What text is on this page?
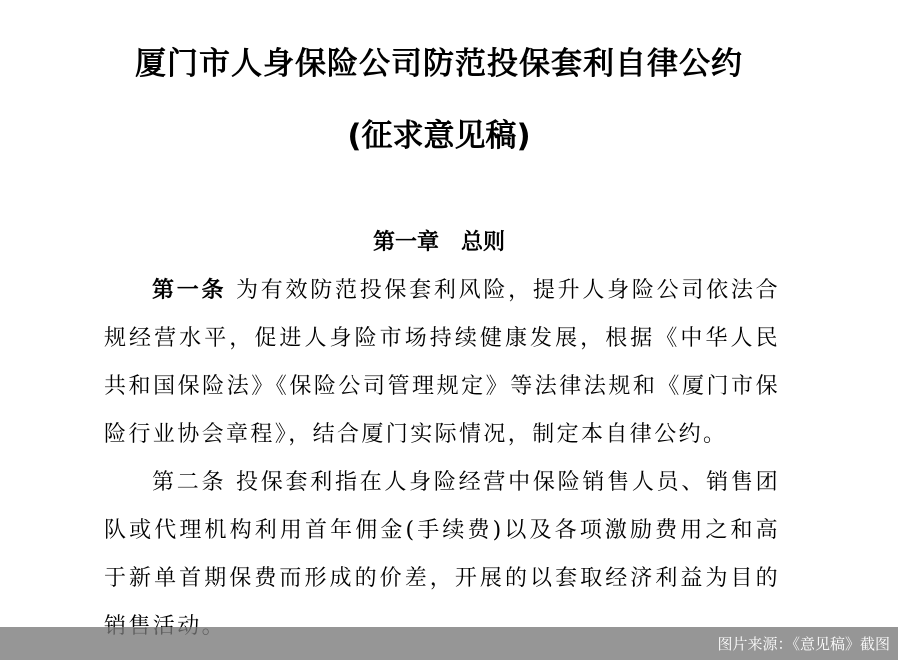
厦门市人身保险公司防范投保套利自律公约
(征求意见稿)
第一章　总则

第一条 为有效防范投保套利风险，提升人身险公司依法合规经营水平，促进人身险市场持续健康发展，根据《中华人民共和国保险法》《保险公司管理规定》等法律法规和《厦门市保险行业协会章程》，结合厦门实际情况，制定本自律公约。

第二条 投保套利指在人身险经营中保险销售人员、销售团队或代理机构利用首年佣金(手续费)以及各项激励费用之和高于新单首期保费而形成的价差，开展的以套取经济利益为目的

图片来源：《意见稿》截图
